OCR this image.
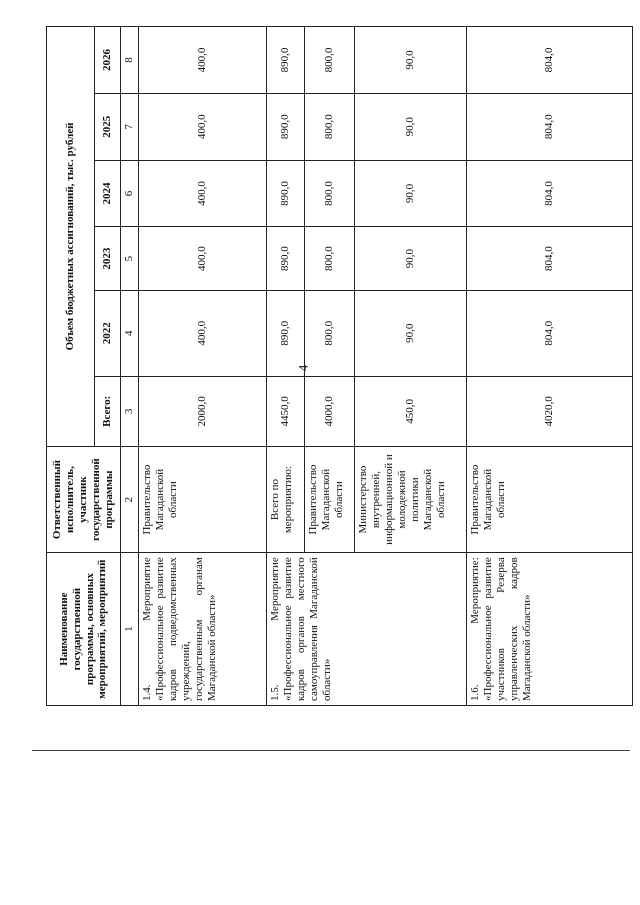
4
Наименование государственной программы, основных мероприятий, мероприятий	Ответственный исполнитель, участник государственной программы	Объем бюджетных ассигнований, тыс. рублей					
		Всего:	2022	2023	2024	2025	2026
1	2	3	4	5	6	7	8
1.4. Мероприятие «Профессиональное развитие кадров подведомственных учреждений, государственным органам Магаданской области»	Правительство Магаданской области	2000,0	400,0	400,0	400,0	400,0	400,0
1.5. Мероприятие «Профессиональное развитие кадров органов местного самоуправления Магаданской области»	Всего по мероприятию:	4450,0	890,0	890,0	890,0	890,0	890,0
	Правительство Магаданской области	4000,0	800,0	800,0	800,0	800,0	800,0
	Министерство внутренней, информационной и молодежной политики Магаданской области	450,0	90,0	90,0	90,0	90,0	90,0
1.6. Мероприятие: «Профессиональное развитие участников Резерва управленческих кадров Магаданской области»	Правительство Магаданской области	4020,0	804,0	804,0	804,0	804,0	804,0
